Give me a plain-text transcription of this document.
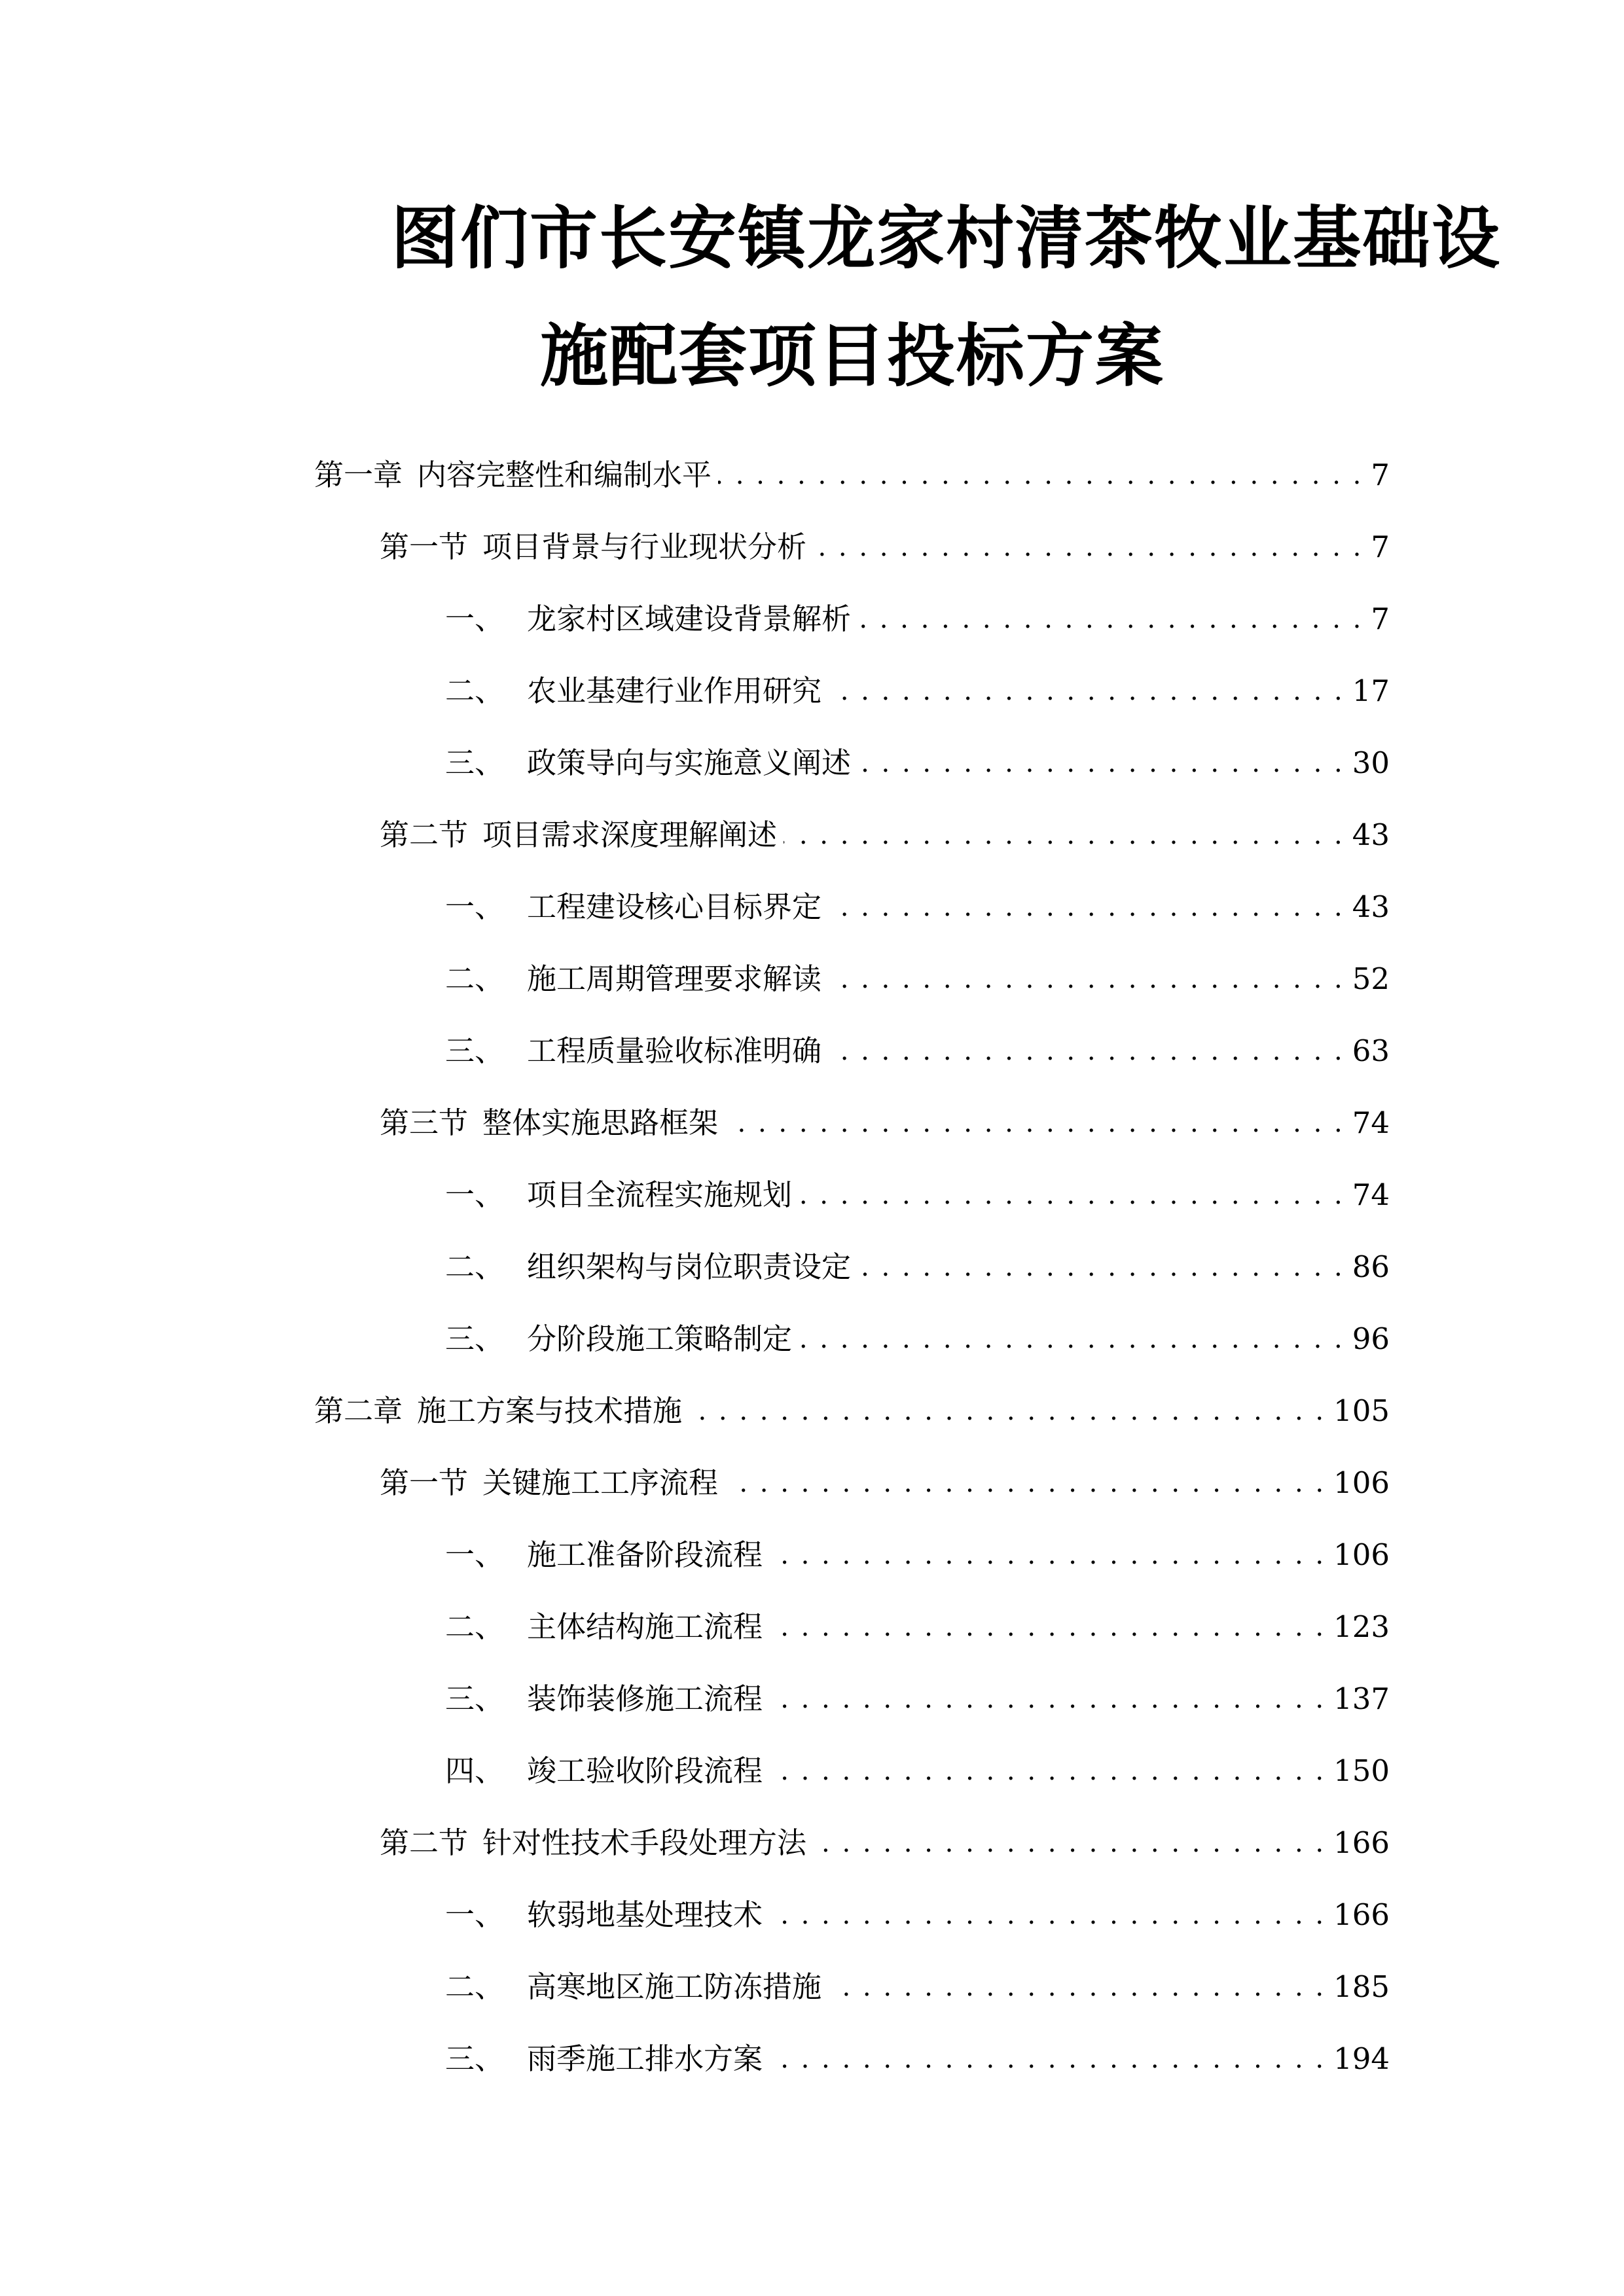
图们市长安镇龙家村清茶牧业基础设
施配套项目投标方案
第一章 内容完整性和编制水平 . . .	7
第一节 项目背景与行业现状分析 . . .	7
一、 龙家村区域建设背景解析 . . .	7
二、 农业基建行业作用研究 . . .	17
三、 政策导向与实施意义阐述 . . .	30
第二节 项目需求深度理解阐述 . . .	43
一、 工程建设核心目标界定 . . .	43
二、 施工周期管理要求解读 . . .	52
三、 工程质量验收标准明确 . . .	63
第三节 整体实施思路框架 . . .	74
一、 项目全流程实施规划 . . .	74
二、 组织架构与岗位职责设定 . . .	86
三、 分阶段施工策略制定 . . .	96
第二章 施工方案与技术措施 . . .	105
第一节 关键施工工序流程 . . .	106
一、 施工准备阶段流程 . . .	106
二、 主体结构施工流程 . . .	123
三、 装饰装修施工流程 . . .	137
四、 竣工验收阶段流程 . . .	150
第二节 针对性技术手段处理方法 . . .	166
一、 软弱地基处理技术 . . .	166
二、 高寒地区施工防冻措施 . . .	185
三、 雨季施工排水方案 . . .	194
